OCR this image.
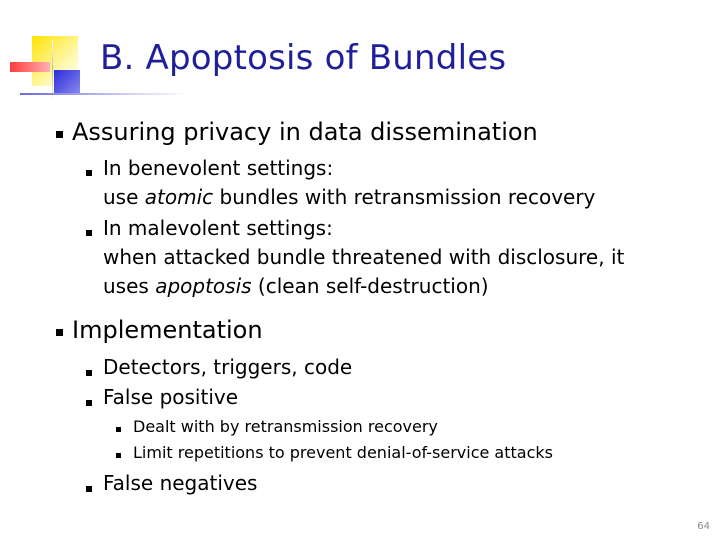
B. Apoptosis of Bundles
Assuring privacy in data dissemination
In benevolent settings:
use atomic bundles with retransmission recovery
In malevolent settings:
when attacked bundle threatened with disclosure, it
uses apoptosis (clean self-destruction)
Implementation
Detectors, triggers, code
False positive
Dealt with by retransmission recovery
Limit repetitions to prevent denial-of-service attacks
False negatives
64
